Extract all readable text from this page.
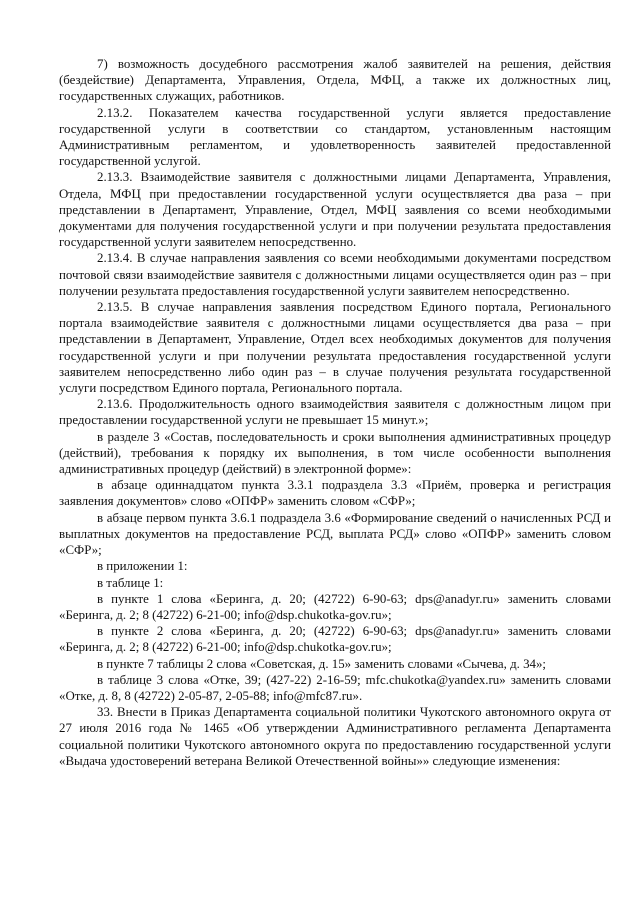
7) возможность досудебного рассмотрения жалоб заявителей на решения, действия (бездействие) Департамента, Управления, Отдела, МФЦ, а также их должностных лиц, государственных служащих, работников.

2.13.2. Показателем качества государственной услуги является предоставление государственной услуги в соответствии со стандартом, установленным настоящим Административным регламентом, и удовлетворенность заявителей предоставленной государственной услугой.

2.13.3. Взаимодействие заявителя с должностными лицами Департамента, Управления, Отдела, МФЦ при предоставлении государственной услуги осуществляется два раза – при представлении в Департамент, Управление, Отдел, МФЦ заявления со всеми необходимыми документами для получения государственной услуги и при получении результата предоставления государственной услуги заявителем непосредственно.

2.13.4. В случае направления заявления со всеми необходимыми документами посредством почтовой связи взаимодействие заявителя с должностными лицами осуществляется один раз – при получении результата предоставления государственной услуги заявителем непосредственно.

2.13.5. В случае направления заявления посредством Единого портала, Регионального портала взаимодействие заявителя с должностными лицами осуществляется два раза – при представлении в Департамент, Управление, Отдел всех необходимых документов для получения государственной услуги и при получении результата предоставления государственной услуги заявителем непосредственно либо один раз – в случае получения результата государственной услуги посредством Единого портала, Регионального портала.

2.13.6. Продолжительность одного взаимодействия заявителя с должностным лицом при предоставлении государственной услуги не превышает 15 минут.»;

в разделе 3 «Состав, последовательность и сроки выполнения административных процедур (действий), требования к порядку их выполнения, в том числе особенности выполнения административных процедур (действий) в электронной форме»:

в абзаце одиннадцатом пункта 3.3.1 подраздела 3.3 «Приём, проверка и регистрация заявления документов» слово «ОПФР» заменить словом «СФР»;

в абзаце первом пункта 3.6.1 подраздела 3.6 «Формирование сведений о начисленных РСД и выплатных документов на предоставление РСД, выплата РСД» слово «ОПФР» заменить словом «СФР»;

в приложении 1:

в таблице 1:

в пункте 1 слова «Беринга, д. 20; (42722) 6-90-63; dps@anadyr.ru» заменить словами «Беринга, д. 2; 8 (42722) 6-21-00; info@dsp.chukotka-gov.ru»;

в пункте 2 слова «Беринга, д. 20; (42722) 6-90-63; dps@anadyr.ru» заменить словами «Беринга, д. 2; 8 (42722) 6-21-00; info@dsp.chukotka-gov.ru»;

в пункте 7 таблицы 2 слова «Советская, д. 15» заменить словами «Сычева, д. 34»;

в таблице 3 слова «Отке, 39; (427-22) 2-16-59; mfc.chukotka@yandex.ru» заменить словами «Отке, д. 8, 8 (42722) 2-05-87, 2-05-88; info@mfc87.ru».

33. Внести в Приказ Департамента социальной политики Чукотского автономного округа от 27 июля 2016 года № 1465 «Об утверждении Административного регламента Департамента социальной политики Чукотского автономного округа по предоставлению государственной услуги «Выдача удостоверений ветерана Великой Отечественной войны»» следующие изменения:
